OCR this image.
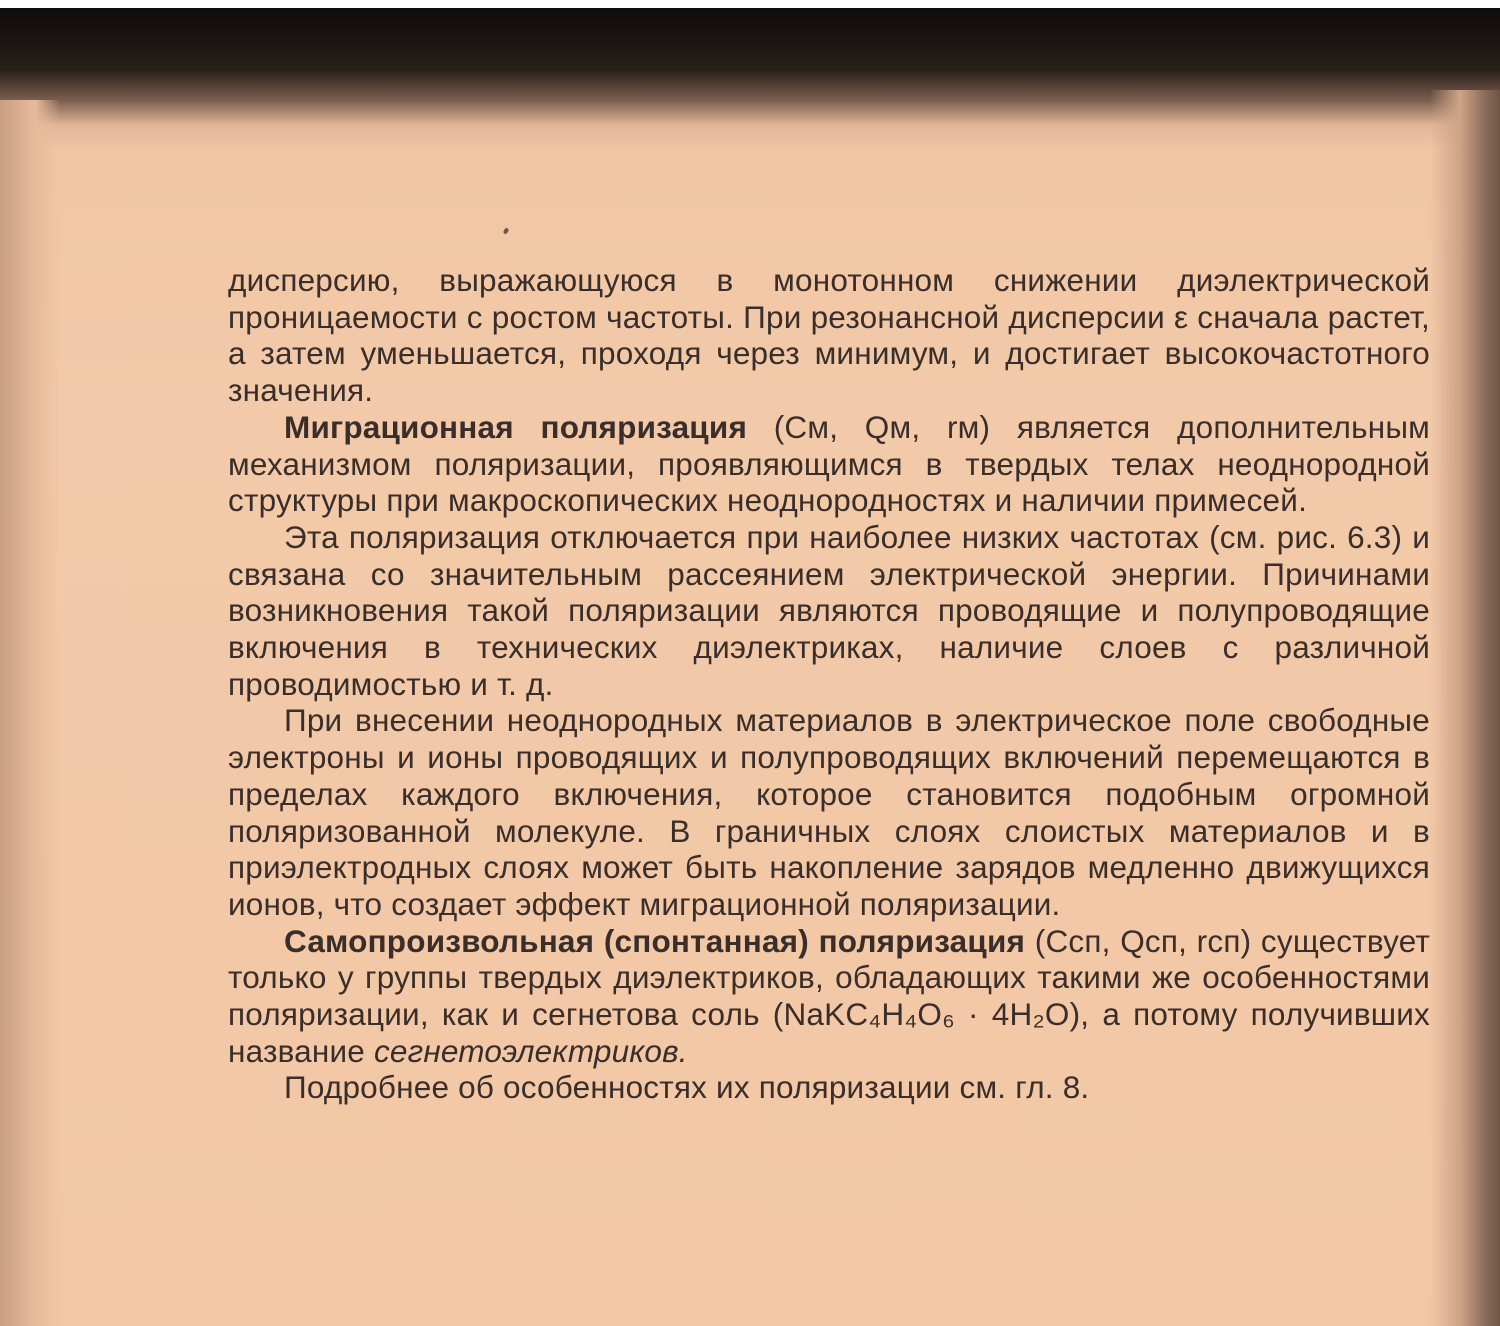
дисперсию, выражающуюся в монотонном снижении диэлектрической проницаемости с ростом частоты. При резонансной дисперсии ε сначала растет, а затем уменьшается, проходя через минимум, и достигает высокочастотного значения.

Миграционная поляризация (Cм, Qм, rм) является дополнительным механизмом поляризации, проявляющимся в твердых телах неоднородной структуры при макроскопических неоднородностях и наличии примесей.

Эта поляризация отключается при наиболее низких частотах (см. рис. 6.3) и связана со значительным рассеянием электрической энергии. Причинами возникновения такой поляризации являются проводящие и полупроводящие включения в технических диэлектриках, наличие слоев с различной проводимостью и т. д.

При внесении неоднородных материалов в электрическое поле свободные электроны и ионы проводящих и полупроводящих включений перемещаются в пределах каждого включения, которое становится подобным огромной поляризованной молекуле. В граничных слоях слоистых материалов и в приэлектродных слоях может быть накопление зарядов медленно движущихся ионов, что создает эффект миграционной поляризации.

Самопроизвольная (спонтанная) поляризация (Cсп, Qсп, rсп) существует только у группы твердых диэлектриков, обладающих такими же особенностями поляризации, как и сегнетова соль (NaKC₄H₄O₆ · 4H₂O), а потому получивших название сегнетоэлектриков.

Подробнее об особенностях их поляризации см. гл. 8.
